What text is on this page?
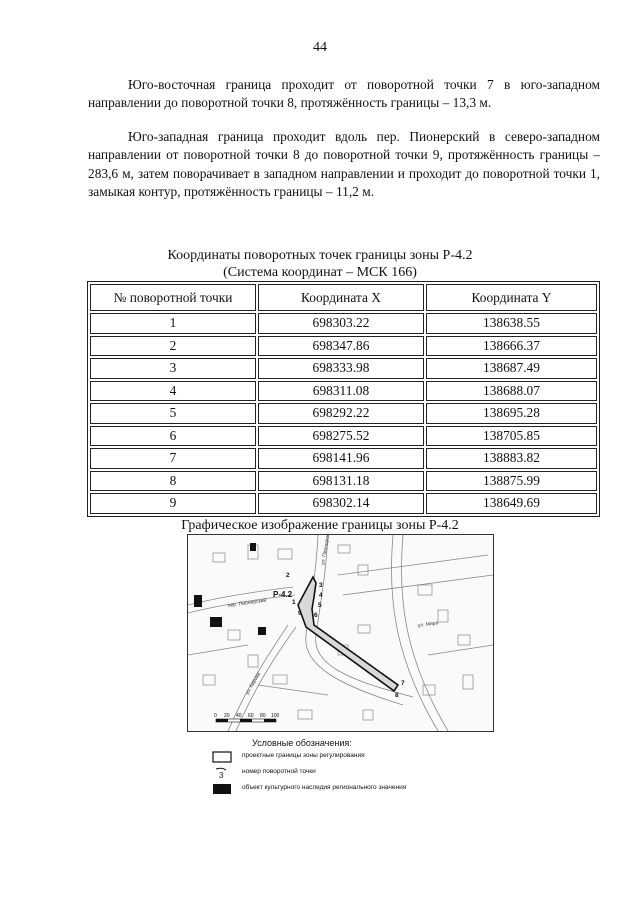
44

Юго-восточная граница проходит от поворотной точки 7 в юго-западном направлении до поворотной точки 8, протяжённость границы – 13,3 м.

Юго-западная граница проходит вдоль пер. Пионерский в северо-западном направлении от поворотной точки 8 до поворотной точки 9, протяжённость границы – 283,6 м, затем поворачивает в западном направлении и проходит до поворотной точки 1, замыкая контур, протяжённость границы – 11,2 м.

Координаты поворотных точек границы зоны Р-4.2
(Система координат – МСК 166)
№ поворотной точки	Координата X	Координата Y
1	698303.22	138638.55
2	698347.86	138666.37
3	698333.98	138687.49
4	698311.08	138688.07
5	698292.22	138695.28
6	698275.52	138705.85
7	698141.96	138883.82
8	698131.18	138875.99
9	698302.14	138649.69
Графическое изображение границы зоны Р-4.2
1
2
3
4
5
6
7
8
9
Р-4.2
пер. Пионерский
ул. Пионерская
ул. Кирова
ул. Мира
0 20 40 60 80 100
Условные обозначения:
проектные границы зоны регулирования
3	номер поворотной точки
объект культурного наследия регионального значения
